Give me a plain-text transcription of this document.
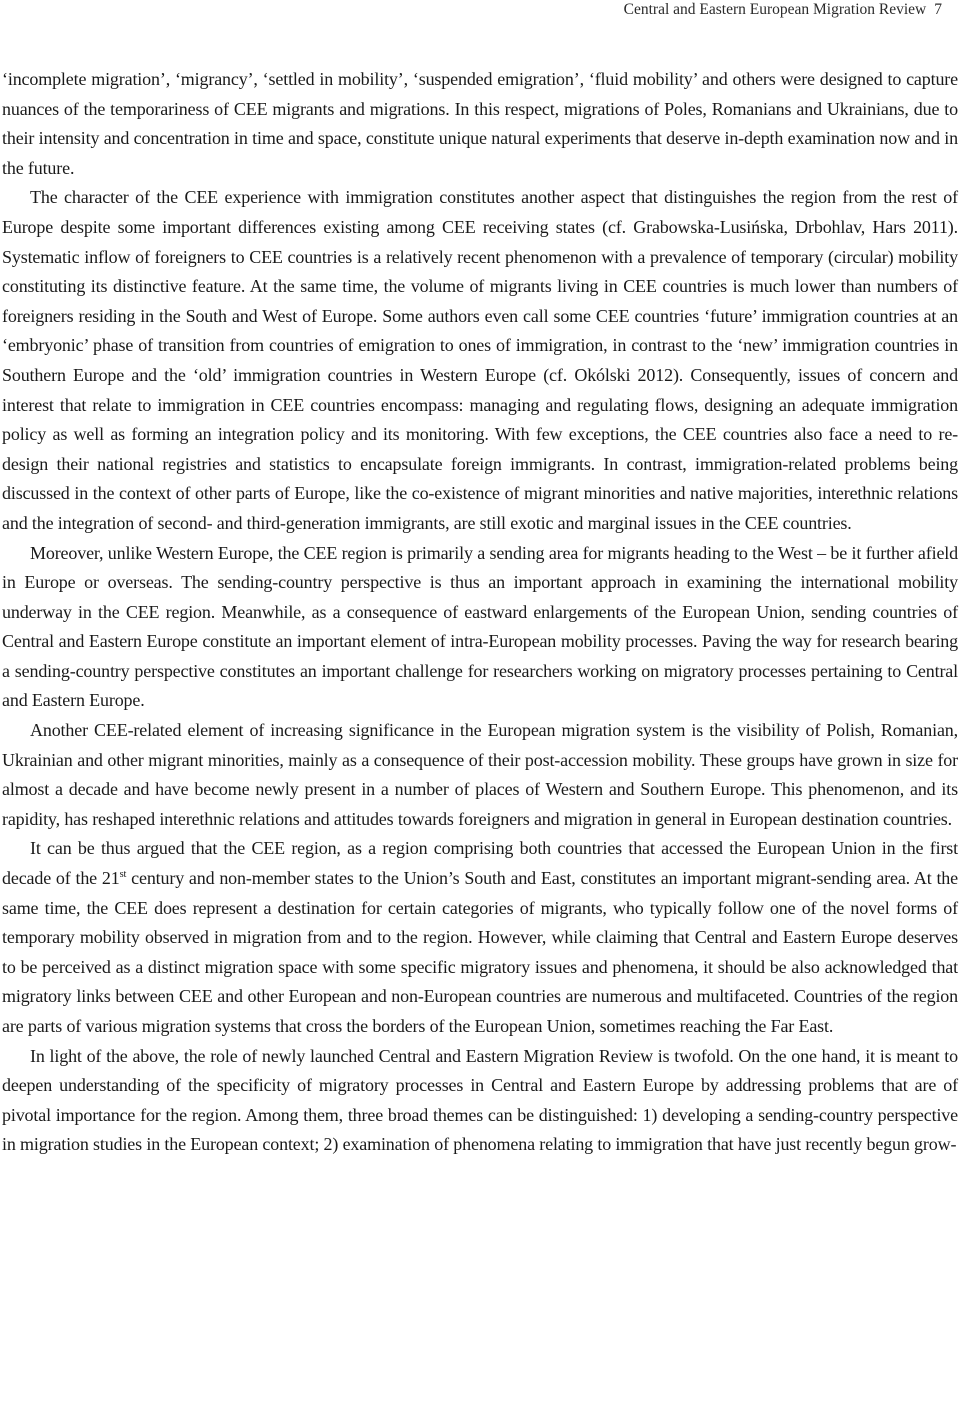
Central and Eastern European Migration Review 7

‘incomplete migration’, ‘migrancy’, ‘settled in mobility’, ‘suspended emigration’, ‘fluid mobility’ and others were designed to capture nuances of the temporariness of CEE migrants and migrations. In this respect, migrations of Poles, Romanians and Ukrainians, due to their intensity and concentration in time and space, constitute unique natural experiments that deserve in-depth examination now and in the future.

The character of the CEE experience with immigration constitutes another aspect that distinguishes the region from the rest of Europe despite some important differences existing among CEE receiving states (cf. Grabowska-Lusińska, Drbohlav, Hars 2011). Systematic inflow of foreigners to CEE countries is a relatively recent phenomenon with a prevalence of temporary (circular) mobility constituting its distinctive feature. At the same time, the volume of migrants living in CEE countries is much lower than numbers of foreigners residing in the South and West of Europe. Some authors even call some CEE countries ‘future’ immigration countries at an ‘embryonic’ phase of transition from countries of emigration to ones of immigration, in contrast to the ‘new’ immigration countries in Southern Europe and the ‘old’ immigration countries in Western Europe (cf. Okólski 2012). Consequently, issues of concern and interest that relate to immigration in CEE countries encompass: managing and regulating flows, designing an adequate immigration policy as well as forming an integration policy and its monitoring. With few exceptions, the CEE countries also face a need to re-design their national registries and statistics to encapsulate foreign immigrants. In contrast, immigration-related problems being discussed in the context of other parts of Europe, like the co-existence of migrant minorities and native majorities, interethnic relations and the integration of second- and third-generation immigrants, are still exotic and marginal issues in the CEE countries.

Moreover, unlike Western Europe, the CEE region is primarily a sending area for migrants heading to the West – be it further afield in Europe or overseas. The sending-country perspective is thus an important approach in examining the international mobility underway in the CEE region. Meanwhile, as a consequence of eastward enlargements of the European Union, sending countries of Central and Eastern Europe constitute an important element of intra-European mobility processes. Paving the way for research bearing a sending-country perspective constitutes an important challenge for researchers working on migratory processes pertaining to Central and Eastern Europe.

Another CEE-related element of increasing significance in the European migration system is the visibility of Polish, Romanian, Ukrainian and other migrant minorities, mainly as a consequence of their post-accession mobility. These groups have grown in size for almost a decade and have become newly present in a number of places of Western and Southern Europe. This phenomenon, and its rapidity, has reshaped interethnic relations and attitudes towards foreigners and migration in general in European destination countries.

It can be thus argued that the CEE region, as a region comprising both countries that accessed the European Union in the first decade of the 21st century and non-member states to the Union’s South and East, constitutes an important migrant-sending area. At the same time, the CEE does represent a destination for certain categories of migrants, who typically follow one of the novel forms of temporary mobility observed in migration from and to the region. However, while claiming that Central and Eastern Europe deserves to be perceived as a distinct migration space with some specific migratory issues and phenomena, it should be also acknowledged that migratory links between CEE and other European and non-European countries are numerous and multifaceted. Countries of the region are parts of various migration systems that cross the borders of the European Union, sometimes reaching the Far East.

In light of the above, the role of newly launched Central and Eastern Migration Review is twofold. On the one hand, it is meant to deepen understanding of the specificity of migratory processes in Central and Eastern Europe by addressing problems that are of pivotal importance for the region. Among them, three broad themes can be distinguished: 1) developing a sending-country perspective in migration studies in the European context; 2) examination of phenomena relating to immigration that have just recently begun grow-
